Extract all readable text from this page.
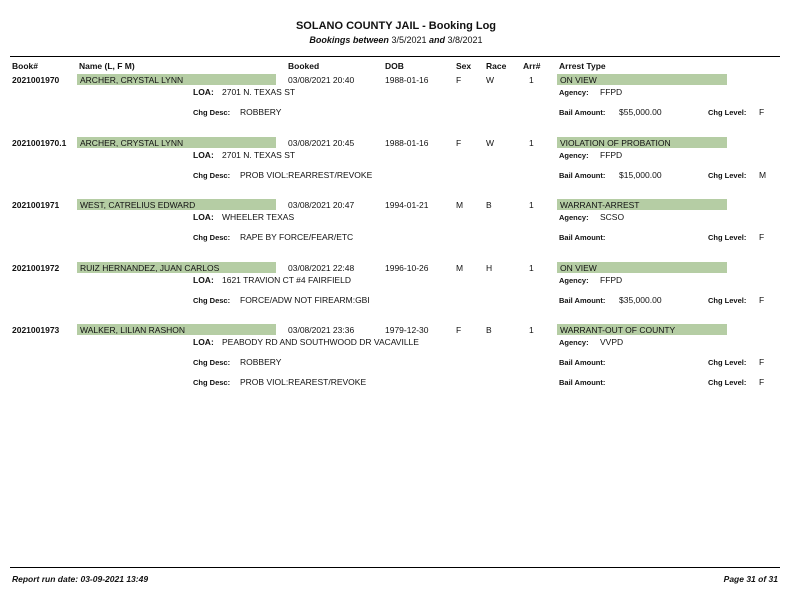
SOLANO COUNTY JAIL - Booking Log
Bookings between 3/5/2021 and 3/8/2021
Book#	Name (L, F M)	Booked	DOB	Sex Race Arr# Arrest Type
2021001970 ARCHER, CRYSTAL LYNN	03/08/2021 20:40	1988-01-16	F	W	1	ON VIEW
LOA: 2701 N. TEXAS ST	Agency: FFPD
Chg Desc: ROBBERY	Bail Amount: $55,000.00	Chg Level: F
2021001970.1 ARCHER, CRYSTAL LYNN	03/08/2021 20:45	1988-01-16	F	W	1	VIOLATION OF PROBATION
LOA: 2701 N. TEXAS ST	Agency: FFPD
Chg Desc: PROB VIOL:REARREST/REVOKE	Bail Amount: $15,000.00	Chg Level: M
2021001971 WEST, CATRELIUS EDWARD	03/08/2021 20:47	1994-01-21	M	B	1	WARRANT-ARREST
LOA: WHEELER TEXAS	Agency: SCSO
Chg Desc: RAPE BY FORCE/FEAR/ETC	Bail Amount:	Chg Level: F
2021001972 RUIZ HERNANDEZ, JUAN CARLOS	03/08/2021 22:48	1996-10-26	M	H	1	ON VIEW
LOA: 1621 TRAVION CT #4 FAIRFIELD	Agency: FFPD
Chg Desc: FORCE/ADW NOT FIREARM:GBI	Bail Amount: $35,000.00	Chg Level: F
2021001973 WALKER, LILIAN RASHON	03/08/2021 23:36	1979-12-30	F	B	1	WARRANT-OUT OF COUNTY
LOA: PEABODY RD AND SOUTHWOOD DR VACAVILLE	Agency: VVPD
Chg Desc: ROBBERY	Bail Amount:	Chg Level: F
Chg Desc: PROB VIOL:REAREST/REVOKE	Bail Amount:	Chg Level: F
Report run date: 03-09-2021 13:49	Page 31 of 31
